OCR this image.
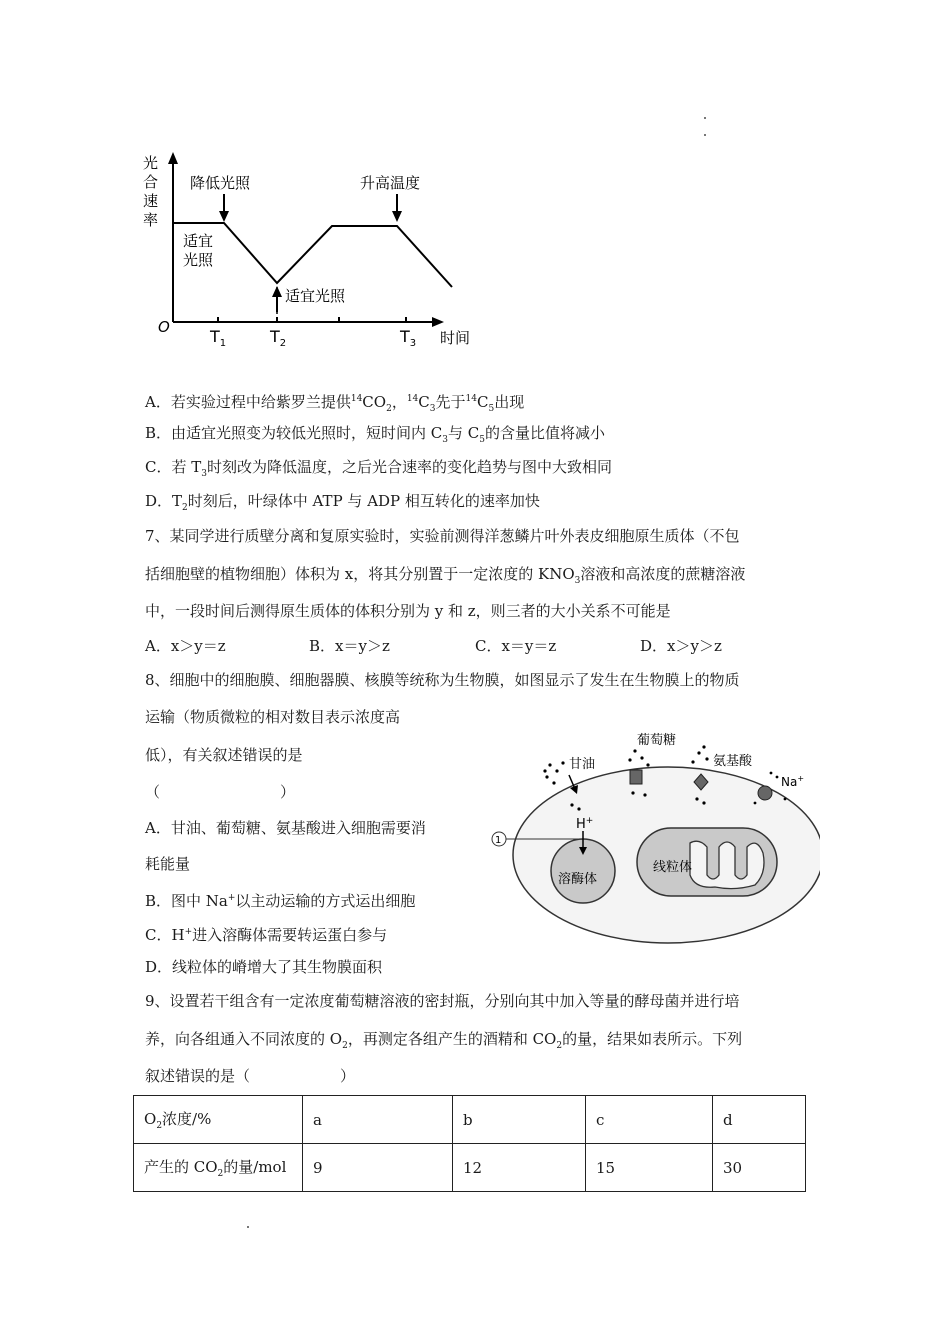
光
合
速
率
O
时间
$T_1$	$T_2$	$T_3$
降低光照	升高温度
适宜
光照
适宜光照
A．若实验过程中给紫罗兰提供$^{14}CO_2$，$^{14}C_3$先于$^{14}C_5$出现
B．由适宜光照变为较低光照时，短时间内 $C_3$与 $C_5$的含量比值将减小
C．若 $T_3$时刻改为降低温度，之后光合速率的变化趋势与图中大致相同
D．$T_2$时刻后，叶绿体中 ATP 与 ADP 相互转化的速率加快
7、某同学进行质壁分离和复原实验时，实验前测得洋葱鳞片叶外表皮细胞原生质体（不包
括细胞壁的植物细胞）体积为 x，将其分别置于一定浓度的 $KNO_3$溶液和高浓度的蔗糖溶液
中，一段时间后测得原生质体的体积分别为 y 和 z，则三者的大小关系不可能是
A．x＞y＝z	B．x＝y＞z	C．x＝y＝z	D．x＞y＞z
8、细胞中的细胞膜、细胞器膜、核膜等统称为生物膜，如图显示了发生在生物膜上的物质
运输（物质微粒的相对数目表示浓度高
低），有关叙述错误的是
（　　　　　　　　）
A．甘油、葡萄糖、氨基酸进入细胞需要消
耗能量
B．图中 Na+以主动运输的方式运出细胞
C．H+进入溶酶体需要转运蛋白参与
D．线粒体的嵴增大了其生物膜面积
溶酶体
线粒体
1
H+
甘油
葡萄糖
氨基酸
Na+
9、设置若干组含有一定浓度葡萄糖溶液的密封瓶，分别向其中加入等量的酵母菌并进行培
养，向各组通入不同浓度的 $O_2$，再测定各组产生的酒精和 $CO_2$的量，结果如表所示。下列
叙述错误的是（　　　　　　）
$O_2$浓度/%	a	b	c	d
产生的 $CO_2$的量/mol	9	12	15	30
